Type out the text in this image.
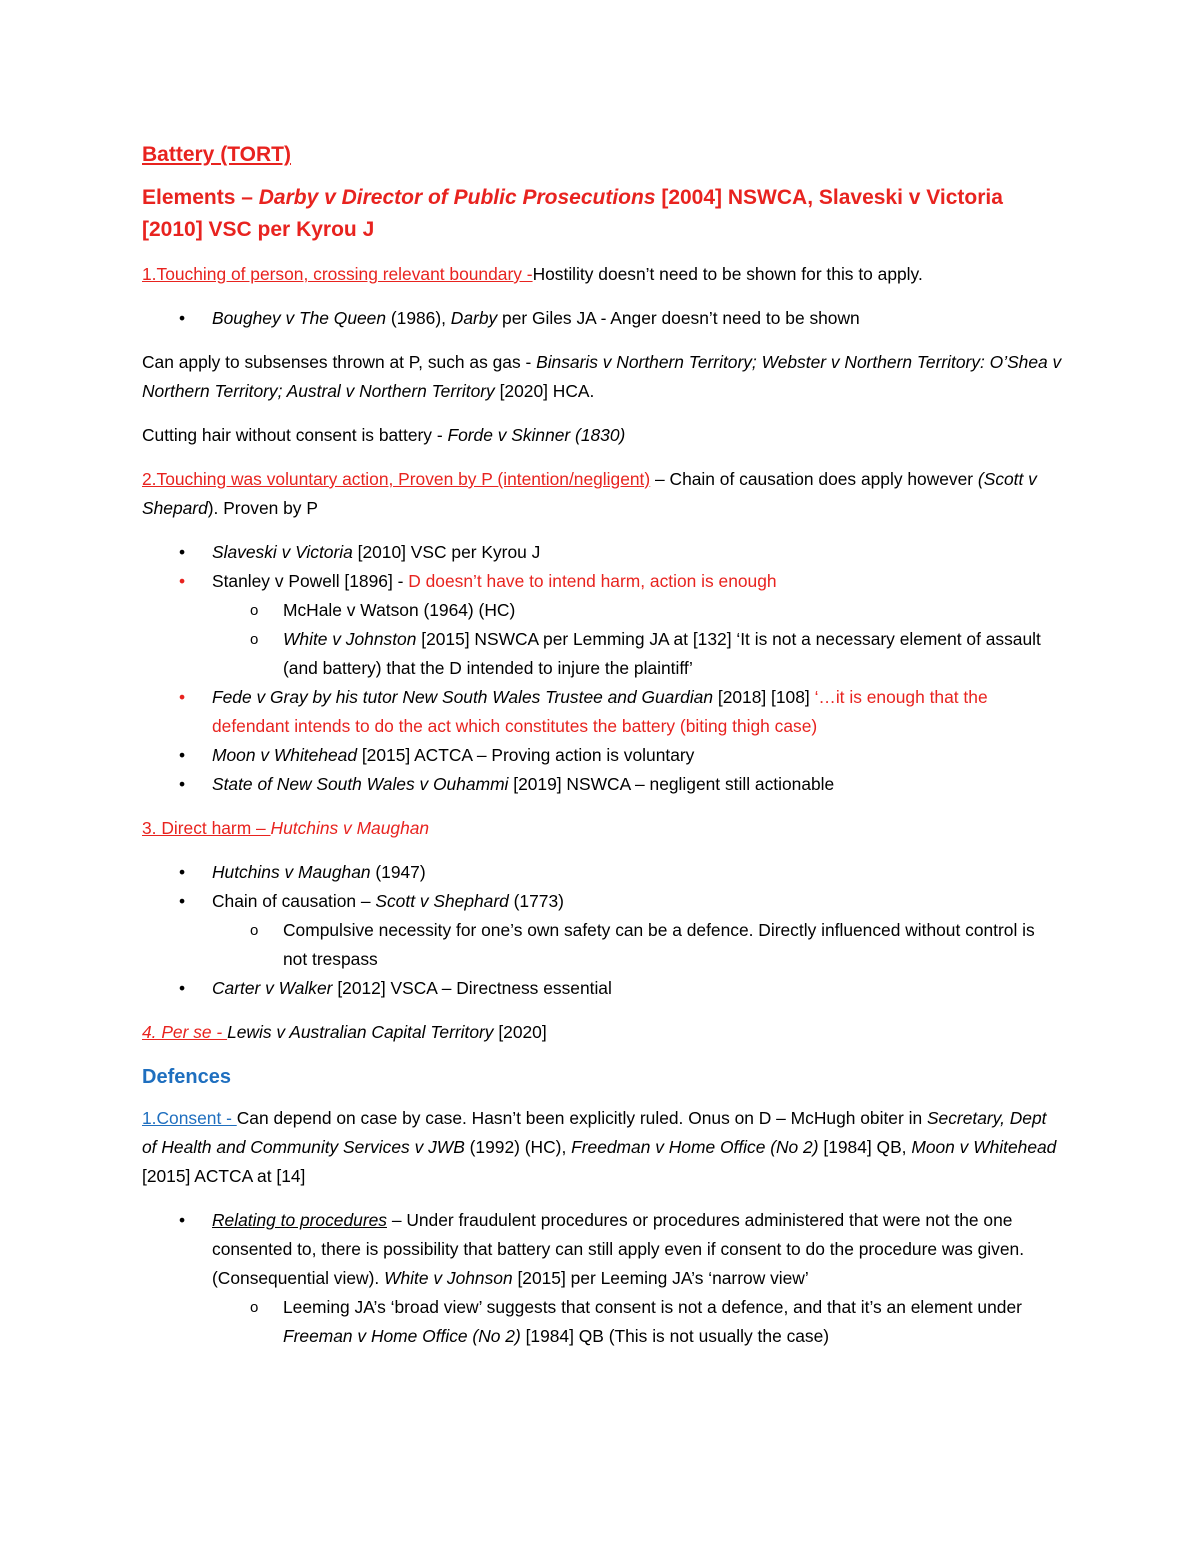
Battery (TORT)
Elements – Darby v Director of Public Prosecutions [2004] NSWCA, Slaveski v Victoria [2010] VSC per Kyrou J

1.Touching of person, crossing relevant boundary -Hostility doesn’t need to be shown for this to apply.

• Boughey v The Queen (1986), Darby per Giles JA - Anger doesn’t need to be shown

Can apply to subsenses thrown at P, such as gas - Binsaris v Northern Territory; Webster v Northern Territory: O’Shea v Northern Territory; Austral v Northern Territory [2020] HCA.

Cutting hair without consent is battery - Forde v Skinner (1830)

2.Touching was voluntary action, Proven by P (intention/negligent) – Chain of causation does apply however (Scott v Shepard). Proven by P

• Slaveski v Victoria [2010] VSC per Kyrou J
• Stanley v Powell [1896] - D doesn’t have to intend harm, action is enough
o McHale v Watson (1964) (HC)
o White v Johnston [2015] NSWCA per Lemming JA at [132] ‘It is not a necessary element of assault (and battery) that the D intended to injure the plaintiff’
• Fede v Gray by his tutor New South Wales Trustee and Guardian [2018] [108] ‘…it is enough that the defendant intends to do the act which constitutes the battery (biting thigh case)
• Moon v Whitehead [2015] ACTCA – Proving action is voluntary
• State of New South Wales v Ouhammi [2019] NSWCA – negligent still actionable

3. Direct harm – Hutchins v Maughan

• Hutchins v Maughan (1947)
• Chain of causation – Scott v Shephard (1773)
o Compulsive necessity for one’s own safety can be a defence. Directly influenced without control is not trespass
• Carter v Walker [2012] VSCA – Directness essential

4. Per se - Lewis v Australian Capital Territory [2020]

Defences

1.Consent - Can depend on case by case. Hasn’t been explicitly ruled. Onus on D – McHugh obiter in Secretary, Dept of Health and Community Services v JWB (1992) (HC), Freedman v Home Office (No 2) [1984] QB, Moon v Whitehead [2015] ACTCA at [14]

• Relating to procedures – Under fraudulent procedures or procedures administered that were not the one consented to, there is possibility that battery can still apply even if consent to do the procedure was given. (Consequential view). White v Johnson [2015] per Leeming JA’s ‘narrow view’
o Leeming JA’s ‘broad view’ suggests that consent is not a defence, and that it’s an element under Freeman v Home Office (No 2) [1984] QB (This is not usually the case)
